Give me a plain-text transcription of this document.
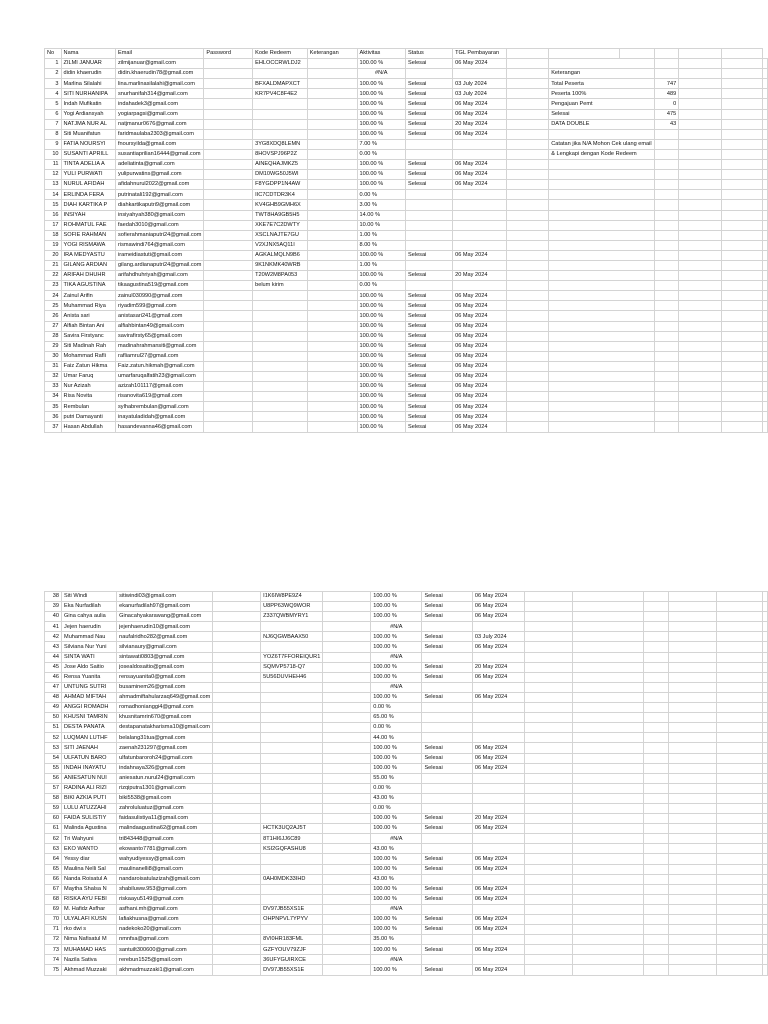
No	Nama	Email	Password	Kode Redeem	Keterangan	Aktivitas	Status	TGL Pembayaran							
1	ZILMI JANUAR	zilmijanuar@gmail.com		EHLOCCRWLDJ2		100.00 %	Selesai	06 May 2024							
2	didin khaerudin	didin.khaerudin78@gmail.com				#N/A				Keterangan					
3	Marlina Silalahi	lina.marlinasilalahi@gmail.com		BFXALDMAPXCT		100.00 %	Selesai	03 July 2024		Total Peserta		747			
4	SITI NURHANIPA	snurhanifah314@gmail.com		KR7PV4C8F4E2		100.00 %	Selesai	03 July 2024		Peserta 100%		489			
5	Indah Mufikatin	indahadek3@gmail.com				100.00 %	Selesai	06 May 2024		Pengajuan Pemt		0			
6	Yogi Ardiansyah	yogiarpagsi@gmail.com				100.00 %	Selesai	06 May 2024		Selesai		475			
7	NATJMA NUR AL	natjmanur0676@gmail.com				100.00 %	Selesai	20 May 2024		DATA DOUBLE		43			
8	Siti Muanifatun	faridmaulaba2303@gmail.com				100.00 %	Selesai	06 May 2024							
9	FATIA NOURSYI	fnoursyilda@gmail.com		3YG8XDQ8LEMN		7.00 %				Catatan jika N/A Mohon Cek ulang email					
10	SUSANTI APRILL	susantiaprilian16444@gmail.com		8HOVSPJ96P2Z		0.00 %				& Lengkapi dengan Kode Redeem					
11	TINTA ADELIA A	adeliatinta@gmail.com		AINEQHAJMKZ5		100.00 %	Selesai	06 May 2024							
12	YULI PURWATI	yulipurwatins@gmail.com		DM10WG50J5WI		100.00 %	Selesai	06 May 2024							
13	NURUL AFIDAH	afidahnurul2022@gmail.com		F8YGDPP1N4AW		100.00 %	Selesai	06 May 2024							
14	ERLINDA FERA	putrinatali192@gmail.com		IIC7CDTDR3K4		0.00 %									
15	DIAH KARTIKA P	diahkartikaputri9@gmail.com		KV4GHB9GMH6X		3.00 %									
16	INSIYAH	insiyahyah380@gmail.com		TWT8HA9GB5H5		14.00 %									
17	ROHMATUL FAE	faedah3010@gmail.com		XKE7E7C2DWTY		10.00 %									
18	SOFIE RAHMAN	sofierahmaniaputri24@gmail.com		XSCLNAJTE7GU		1.00 %									
19	YOGI RISMAWA	rismawindi764@gmail.com		V2XJNX5AQ11I		8.00 %									
20	IRA MEDYASTU	irameidiastuti@gmail.com		AGKALMQLN9B6		100.00 %	Selesai	06 May 2024							
21	GILANG ARDIAN	gilang.ardianaputri24@gmail.com		9K1NKMK40WRB		1.00 %									
22	ARIFAH DHUHR	arifahdhuhriyah@gmail.com		T20W2M8PA053		100.00 %	Selesai	20 May 2024							
23	TIKA AGUSTINA	tikaagustina519@gmail.com		belum kirim		0.00 %									
24	Zainul Arifin	zainul030990@gmail.com				100.00 %	Selesai	06 May 2024							
25	Muhammad Riya	riyadim599@gmail.com				100.00 %	Selesai	06 May 2024							
26	Anista sari	anistasari241@gmail.com				100.00 %	Selesai	06 May 2024							
27	Alfiah Bintan Ani	alfiahbintan49@gmail.com				100.00 %	Selesai	06 May 2024							
28	Savira Firstyanc	savirafirsty65@gmail.com				100.00 %	Selesai	06 May 2024							
29	Siti Madinah Rah	madinahrahmansiti@gmail.com				100.00 %	Selesai	06 May 2024							
30	Mohammad Rafli	rafliamrul27@gmail.com				100.00 %	Selesai	06 May 2024							
31	Faiz Zatun Hikma	Faiz.zatun.hikmah@gmail.com				100.00 %	Selesai	06 May 2024							
32	Umar Faruq	umarfaruqalfatih23@gmail.com				100.00 %	Selesai	06 May 2024							
33	Nur Azizah	azizah101117@gmail.com				100.00 %	Selesai	06 May 2024							
34	Risa Novita	risanovita619@gmail.com				100.00 %	Selesai	06 May 2024							
35	Rembulan	sylhabrembulan@gmail.com				100.00 %	Selesai	06 May 2024							
36	putri Damayanti	inayatuladidah@gmail.com				100.00 %	Selesai	06 May 2024							
37	Hasan Abdullah	hasandevanna46@gmail.com				100.00 %	Selesai	06 May 2024							
38	Siti Windi	sitiwindi03@gmail.com		I1K6IW8PE9Z4		100.00 %	Selesai	06 May 2024						
39	Eka Nurfadilah	ekanurfadilah97@gmail.com		U8PP63WQ9WOR		100.00 %	Selesai	06 May 2024						
40	Gina cahya aulia	Ginacahyakarawang@gmail.com		Z337QWBMYRY1		100.00 %	Selesai	06 May 2024						
41	Jejen haerudin	jejenhaerudin10@gmail.com				#N/A								
42	Muhammad Nau	naufalridho282@gmail.com		NJ6QGWBAAX50		100.00 %	Selesai	03 July 2024						
43	Silviana Nur Yuni	silvianaury@gmail.com				100.00 %	Selesai	06 May 2024						
44	SINTA WATI	sintawati0803@gmail.com		YOZ6T7FFOREIQUR1		#N/A								
45	Jose Aldo Saitio	josealdosaitio@gmail.com		SQMVP5718-Q7		100.00 %	Selesai	20 May 2024						
46	Rensa Yuanita	rensayuanita0@gmail.com		5U56DUVHEH46		100.00 %	Selesai	06 May 2024						
47	UNTUNG SUTRI	busaminem26@gmail.com				#N/A								
48	AHMAD MIFTAH	ahmadmiftahularzaq649@gmail.com				100.00 %	Selesai	06 May 2024						
49	ANGGI ROMADH	romadhonianggi4@gmail.com				0.00 %								
50	KHUSNI TAMRIN	khusnitamrin670@gmail.com				65.00 %								
51	DESTA PANATA	destapanatakharisma10@gmail.com				0.00 %								
52	LUQMAN LUTHF	belalang31tua@gmail.com				44.00 %								
53	SITI JAENAH	zaenah231297@gmail.com				100.00 %	Selesai	06 May 2024						
54	ULFATUN BARO	ulfatunbaroroh24@gmail.com				100.00 %	Selesai	06 May 2024						
55	INDAH INAYATU	indahnaya326@gmail.com				100.00 %	Selesai	06 May 2024						
56	ANIESATUN NUI	aniesatun.nurul24@gmail.com				55.00 %								
57	RADINA ALI RIZI	rizqiputra1301@gmail.com				0.00 %								
58	BIKI AZKIA PUTI	biki5538@gmail.com				43.00 %								
59	LULU ATUZZAHI	zahroluluatuz@gmail.com				0.00 %								
60	FAIDA SULISTIY	faidasulistiya11@gmail.com				100.00 %	Selesai	20 May 2024						
61	Malinda Agustina	malindaagustina62@gmail.com		HCTK3UQ2AJ5T		100.00 %	Selesai	06 May 2024						
62	Tri Wahyuni	tri843448@gmail.com		8T1HI6JJ6C89		#N/A								
63	EKO WANTO	ekowanto7781@gmail.com		KSI2GQFASHU8		43.00 %								
64	Yessy diar	wahyudiyessy@gmail.com				100.00 %	Selesai	06 May 2024						
65	Maulina Nelli Sal	maulinanelli8@gmail.com				100.00 %	Selesai	06 May 2024						
66	Nanda Roisatul A	nandaroisatulazizah@gmail.com		0AH0MDK33IHD		43.00 %								
67	Maytha Shalsa N	shabiluww.953@gmail.com				100.00 %	Selesai	06 May 2024						
68	RISKA AYU FEBI	riskaayu5149@gmail.com				100.00 %	Selesai	06 May 2024						
69	M. Hafidz Asfhar	asfhani.mh@gmail.com		DV97JB55XS1E		#N/A								
70	ULYALAFI KUSN	lafiakhusna@gmail.com		OHPNPVL7YPYV		100.00 %	Selesai	06 May 2024						
71	rko dwi s	nadekoko20@gmail.com				100.00 %	Selesai	06 May 2024						
72	Nima Nafisatul M	nmnfsa@gmail.com		8VI0HR183FML		35.00 %								
73	MUHAMAD HAS	santuilt300600@gmail.com		GZFYOUV79ZJF		100.00 %	Selesai	06 May 2024						
74	Nazila Sativa	rerebun1525@gmail.com		36UFYGUIRXCE		#N/A								
75	Akhmad Muzzaki	akhmadmuzzaki1@gmail.com		DV97JB55XS1E		100.00 %	Selesai	06 May 2024						
